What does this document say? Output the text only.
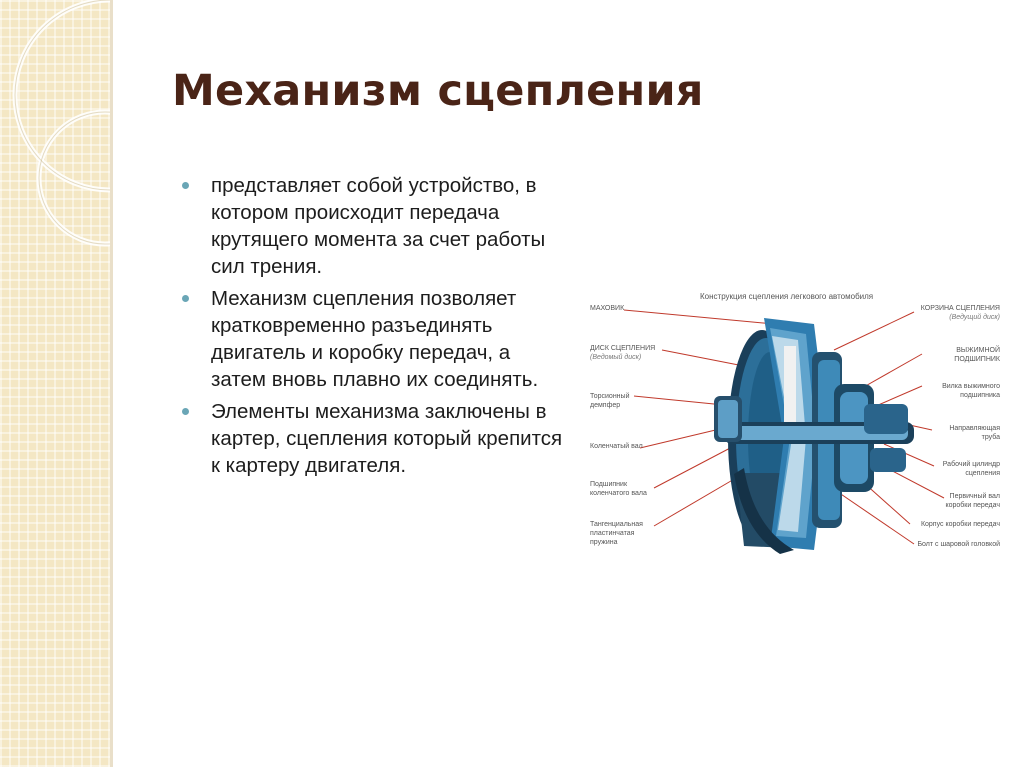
Механизм сцепления
представляет собой устройство, в котором происходит передача крутящего момента за счет работы сил трения.
Механизм сцепления позволяет кратковременно разъединять двигатель и коробку передач, а затем вновь плавно их соединять.
Элементы механизма заключены в картер, сцепления который крепится к картеру двигателя.
Конструкция сцепления легкового автомобиля
МАХОВИК
ДИСК СЦЕПЛЕНИЯ
(Ведомый диск)
Торсионный
демпфер
Коленчатый вал
Подшипник
коленчатого вала
Тангенциальная
пластинчатая пружина
КОРЗИНА СЦЕПЛЕНИЯ
(Ведущий диск)
ВЫЖИМНОЙ
ПОДШИПНИК
Вилка выжимного
подшипника
Направляющая
труба
Рабочий цилиндр
сцепления
Первичный вал
коробки передач
Корпус коробки передач
Болт с шаровой головкой
